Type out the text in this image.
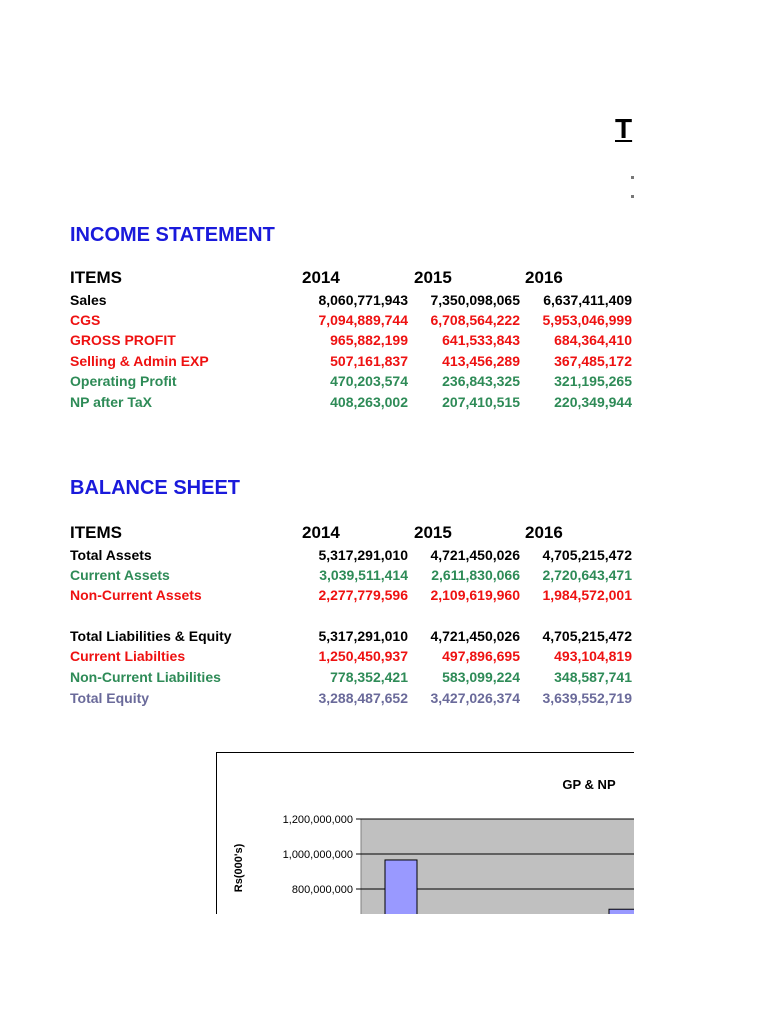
T
INCOME STATEMENT
ITEMS	2014	2015	2016
Sales	8,060,771,943 7,350,098,065 6,637,411,409
CGS	7,094,889,744 6,708,564,222 5,953,046,999
GROSS PROFIT	965,882,199 641,533,843 684,364,410
Selling & Admin EXP	507,161,837 413,456,289 367,485,172
Operating Profit	470,203,574 236,843,325 321,195,265
NP after TaX	408,263,002 207,410,515 220,349,944
BALANCE SHEET
ITEMS	2014	2015	2016
Total Assets	5,317,291,010 4,721,450,026 4,705,215,472
Current Assets	3,039,511,414 2,611,830,066 2,720,643,471
Non-Current Assets	2,277,779,596 2,109,619,960 1,984,572,001
Total Liabilities & Equity	5,317,291,010 4,721,450,026 4,705,215,472
Current Liabilties	1,250,450,937 497,896,695 493,104,819
Non-Current Liabilities	778,352,421 583,099,224 348,587,741
Total Equity	3,288,487,652 3,427,026,374 3,639,552,719
800,000,000
1,000,000,000
1,200,000,000
GP & NP
Rs(000's)
